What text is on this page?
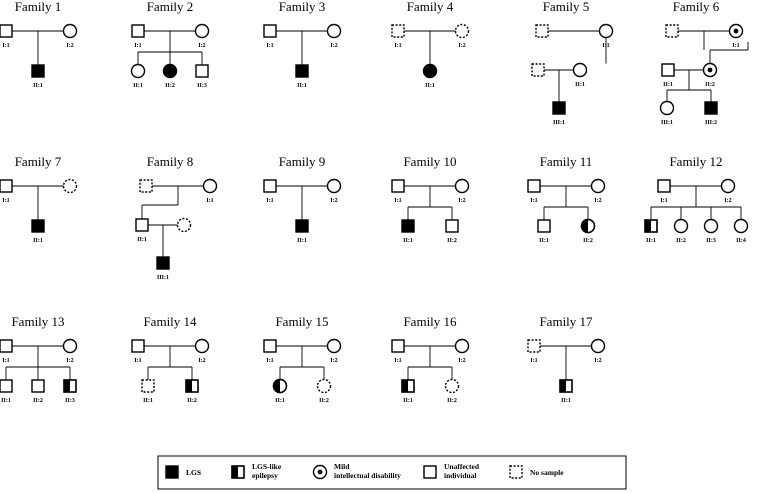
Family 1
I:1	I:2
II:1
Family 2
I:1	I:2
II:1	II:2	II:3
Family 3
I:1	I:2
II:1
Family 4
I:1	I:2
II:1
Family 5
I:1
II:1
III:1
Family 6
I:1
II:1	II:2
III:1	III:2
Family 7
I:1
II:1
Family 8
I:1
II:1
III:1
Family 9
I:1	I:2
II:1
Family 10
I:1	I:2
II:1	II:2
Family 11
I:1	I:2
II:1	II:2
Family 12
I:1	I:2
II:1	II:2	II:3	II:4
Family 13
I:1	I:2
II:1	II:2	II:3
Family 14
I:1	I:2
II:1	II:2
Family 15
I:1	I:2
II:1	II:2
Family 16
I:1	I:2
II:1	II:2
Family 17
I:1	I:2
II:1
LGS
LGS-like epilepsy
Mild intellectual disability
Unaffected individual	No sample
